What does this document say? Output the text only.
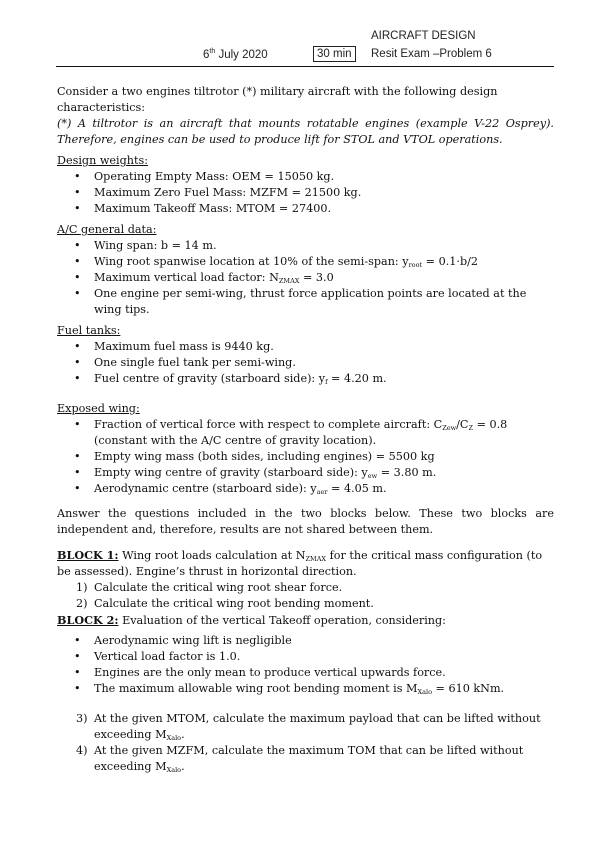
AIRCRAFT DESIGN
6th July 2020	30 min	Resit Exam –Problem 6

Consider a two engines tiltrotor (*) military aircraft with the following design characteristics:

(*) A tiltrotor is an aircraft that mounts rotatable engines (example V-22 Osprey). Therefore, engines can be used to produce lift for STOL and VTOL operations.

Design weights:

• Operating Empty Mass: OEM = 15050 kg.
• Maximum Zero Fuel Mass: MZFM = 21500 kg.
• Maximum Takeoff Mass: MTOM = 27400.

A/C general data:

• Wing span: b = 14 m.
• Wing root spanwise location at 10% of the semi-span: $y_{root} = 0.1\cdot b/2$
• Maximum vertical load factor: $N_{ZMAX} = 3.0$
• One engine per semi-wing, thrust force application points are located at the wing tips.

Fuel tanks:

• Maximum fuel mass is 9440 kg.
• One single fuel tank per semi-wing.
• Fuel centre of gravity (starboard side): $y_f = 4.20$ m.

Exposed wing:

• Fraction of vertical force with respect to complete aircraft: $C_{Zew}/C_Z = 0.8$ (constant with the A/C centre of gravity location).
• Empty wing mass (both sides, including engines) = 5500 kg
• Empty wing centre of gravity (starboard side): $y_{ew} = 3.80$ m.
• Aerodynamic centre (starboard side): $y_{aer} = 4.05$ m.

Answer the questions included in the two blocks below. These two blocks are independent and, therefore, results are not shared between them.

BLOCK 1: Wing root loads calculation at $N_{ZMAX}$ for the critical mass configuration (to be assessed). Engine’s thrust in horizontal direction.

1) Calculate the critical wing root shear force.
2) Calculate the critical wing root bending moment.

BLOCK 2: Evaluation of the vertical Takeoff operation, considering:

• Aerodynamic wing lift is negligible
• Vertical load factor is 1.0.
• Engines are the only mean to produce vertical upwards force.
• The maximum allowable wing root bending moment is $M_{Xalo} = 610$ kNm.
3) At the given MTOM, calculate the maximum payload that can be lifted without exceeding $M_{Xalo}$.
4) At the given MZFM, calculate the maximum TOM that can be lifted without exceeding $M_{Xalo}$.
